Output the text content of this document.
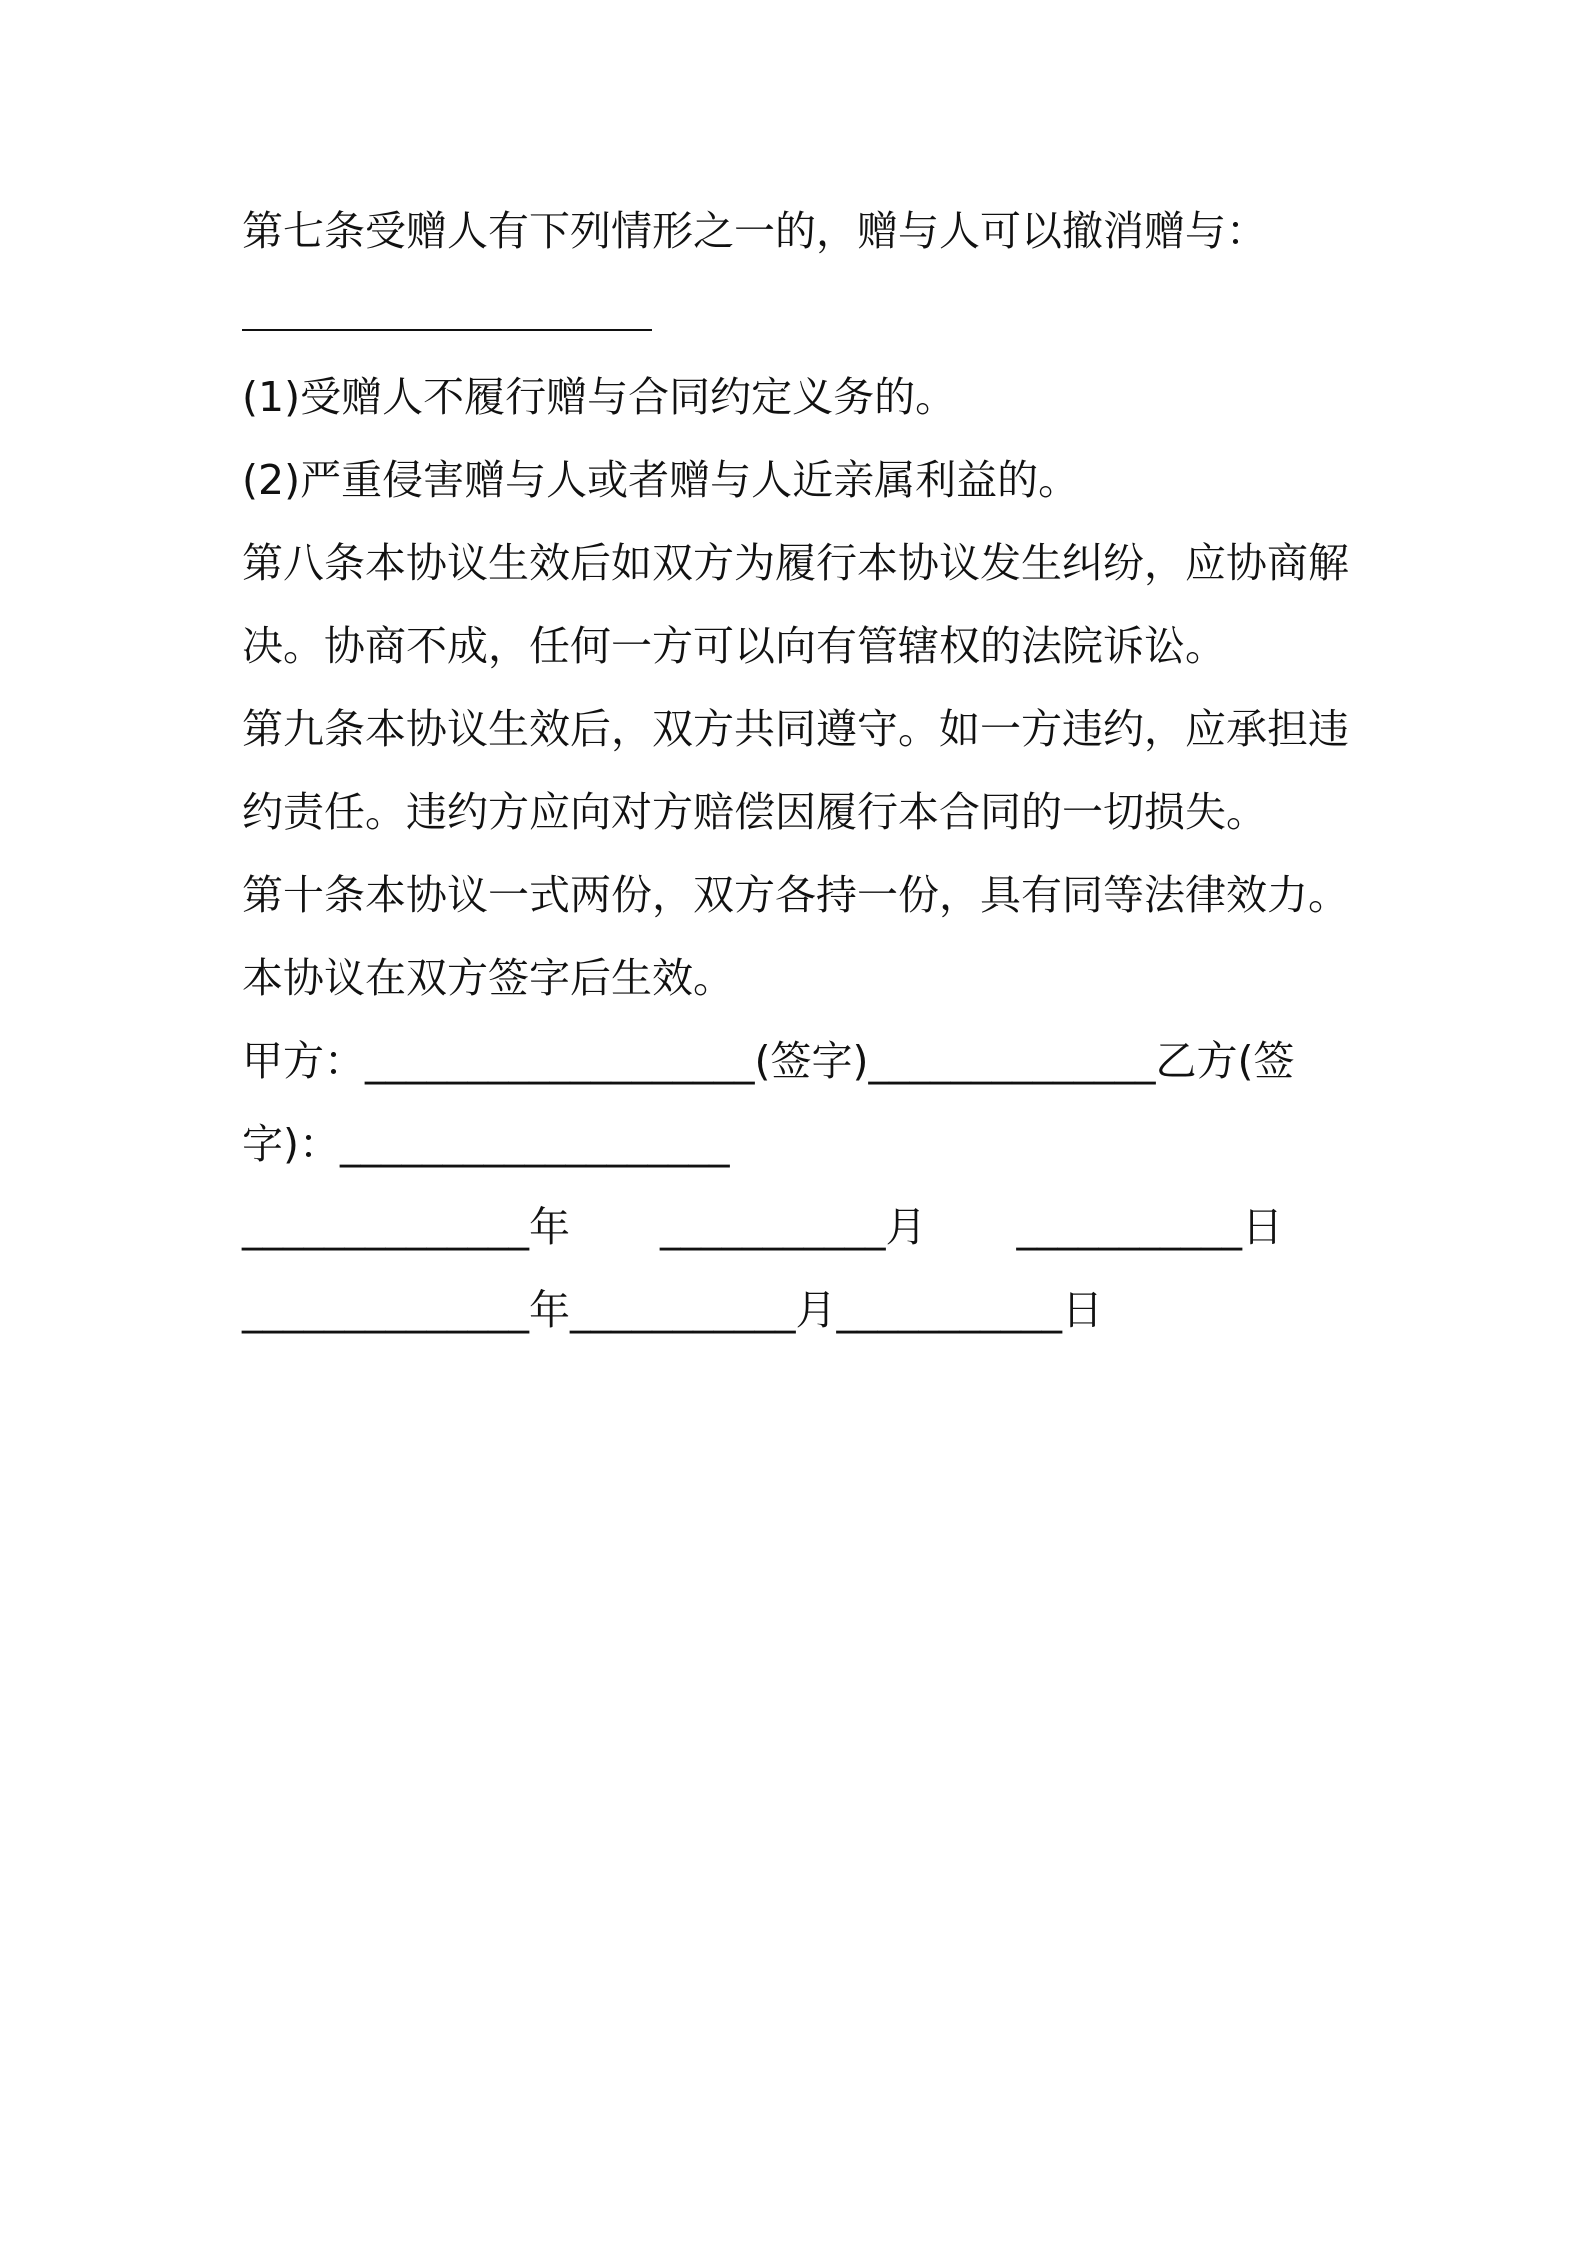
第七条受赠人有下列情形之一的，赠与人可以撤消赠与：

(1)受赠人不履行赠与合同约定义务的。

(2)严重侵害赠与人或者赠与人近亲属利益的。

第八条本协议生效后如双方为履行本协议发生纠纷，应协商解决。协商不成，任何一方可以向有管辖权的法院诉讼。

第九条本协议生效后，双方共同遵守。如一方违约，应承担违约责任。违约方应向对方赔偿因履行本合同的一切损失。

第十条本协议一式两份，双方各持一份，具有同等法律效力。本协议在双方签字后生效。

甲方：___________________(签字)______________乙方(签

字)：___________________

______________年 ___________月 ___________日

______________年___________月___________日
